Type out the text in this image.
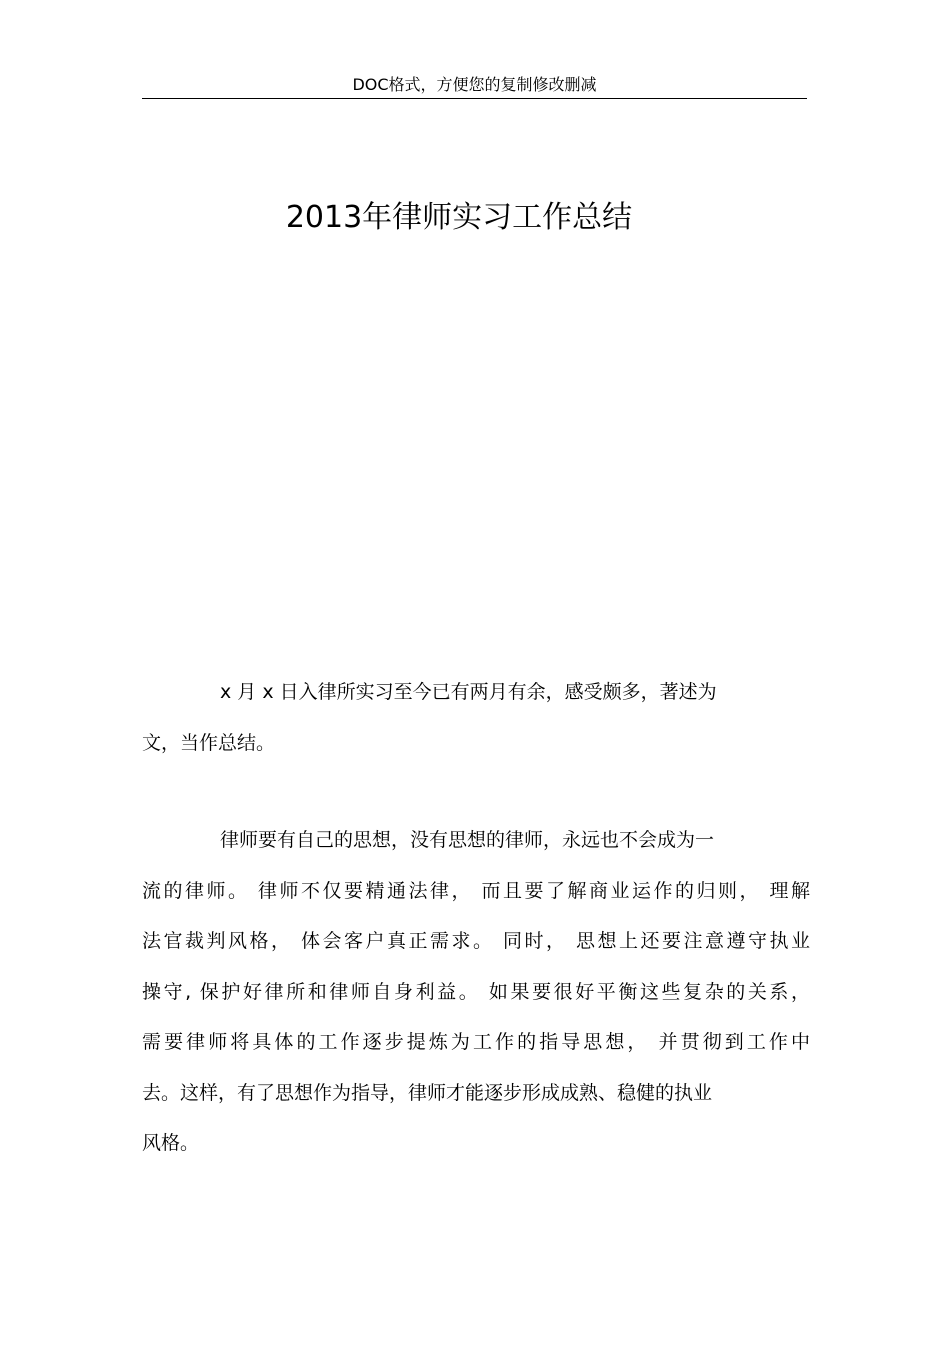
DOC格式，方便您的复制修改删减
2013年律师实习工作总结
x 月 x 日入律所实习至今已有两月有余，感受颇多，著述为
文，当作总结。
律师要有自己的思想，没有思想的律师，永远也不会成为一
流的律师。 律师不仅要精通法律， 而且要了解商业运作的归则， 理解
法官裁判风格， 体会客户真正需求。 同时， 思想上还要注意遵守执业
操守, 保护好律所和律师自身利益。 如果要很好平衡这些复杂的关系，
需要律师将具体的工作逐步提炼为工作的指导思想， 并贯彻到工作中
去。这样，有了思想作为指导，律师才能逐步形成成熟、稳健的执业
风格。
